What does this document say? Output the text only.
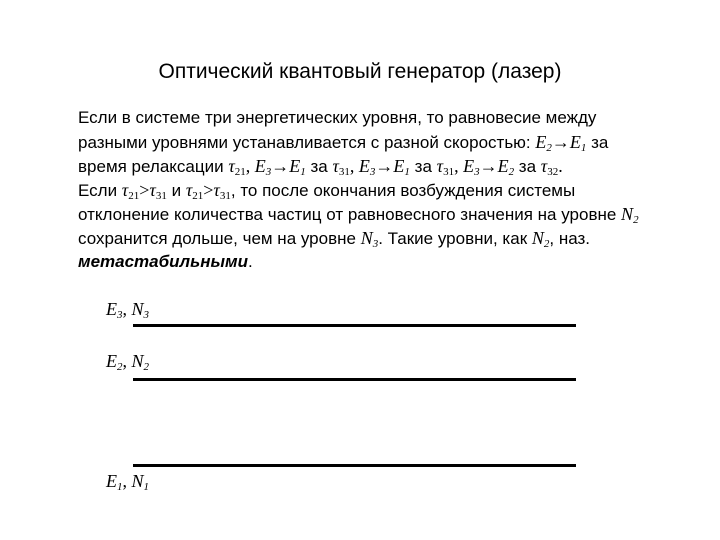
Оптический квантовый генератор (лазер)
Если в системе три энергетических уровня, то равновесие между
разными уровнями устанавливается с разной скоростью: $E_2\to E_1$ за
время релаксации $\tau_{21}$, $E_3\to E_1$ за $\tau_{31}$, $E_3\to E_1$ за $\tau_{31}$, $E_3\to E_2$ за $\tau_{32}$.
Если $\tau_{21}>\tau_{31}$ и $\tau_{21}>\tau_{31}$, то после окончания возбуждения системы
отклонение количества частиц от равновесного значения на уровне $N_2$
сохранится дольше, чем на уровне $N_3$. Такие уровни, как $N_2$, наз.
метастабильными.
$E_3$, $N_3$
$E_2$, $N_2$
$E_1$, $N_1$
